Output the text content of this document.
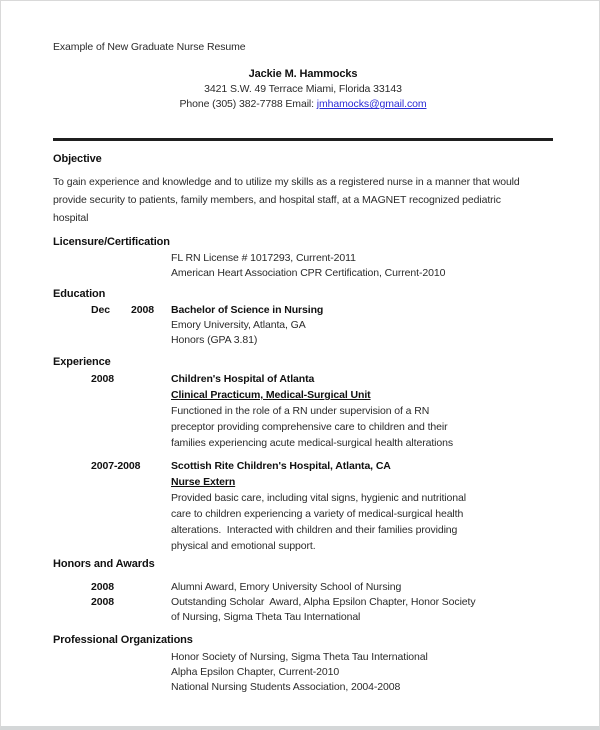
Example of New Graduate Nurse Resume
Jackie M. Hammocks
3421 S.W. 49 Terrace Miami, Florida 33143
Phone (305) 382-7788 Email: jmhamocks@gmail.com
Objective
To gain experience and knowledge and to utilize my skills as a registered nurse in a manner that would
provide security to patients, family members, and hospital staff, at a MAGNET recognized pediatric
hospital
Licensure/Certification
FL RN License # 1017293, Current-2011
American Heart Association CPR Certification, Current-2010
Education
Dec	2008	Bachelor of Science in Nursing
Emory University, Atlanta, GA
Honors (GPA 3.81)
Experience
2008	Children's Hospital of Atlanta
Clinical Practicum, Medical-Surgical Unit
Functioned in the role of a RN under supervision of a RN
preceptor providing comprehensive care to children and their
families experiencing acute medical-surgical health alterations
2007-2008	Scottish Rite Children's Hospital, Atlanta, CA
Nurse Extern
Provided basic care, including vital signs, hygienic and nutritional
care to children experiencing a variety of medical-surgical health
alterations.  Interacted with children and their families providing
physical and emotional support.
Honors and Awards
2008	Alumni Award, Emory University School of Nursing
2008	Outstanding Scholar  Award, Alpha Epsilon Chapter, Honor Society
of Nursing, Sigma Theta Tau International
Professional Organizations
Honor Society of Nursing, Sigma Theta Tau International
Alpha Epsilon Chapter, Current-2010
National Nursing Students Association, 2004-2008
